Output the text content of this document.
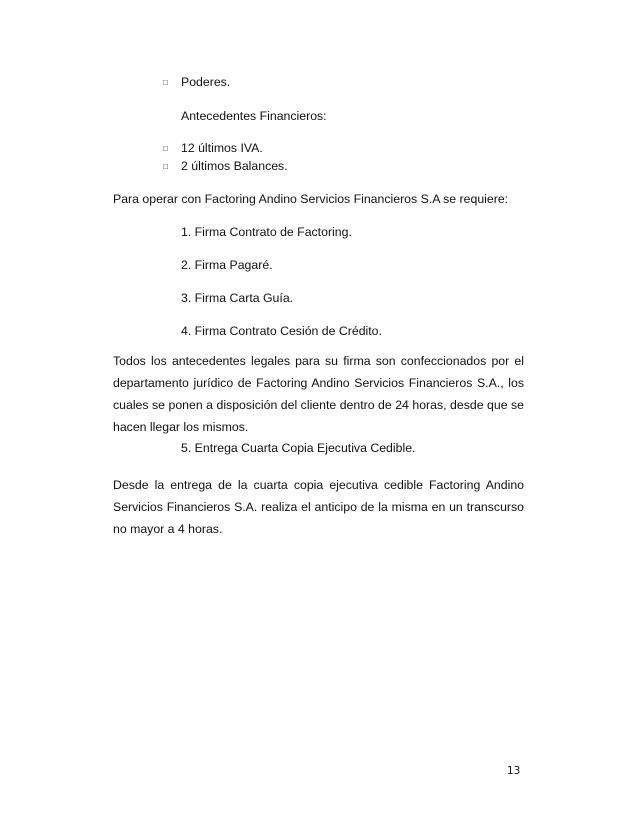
□ Poderes.
Antecedentes Financieros:
□ 12 últimos IVA.
□ 2 últimos Balances.
Para operar con Factoring Andino Servicios Financieros S.A se requiere:
1. Firma Contrato de Factoring.
2. Firma Pagaré.
3. Firma Carta Guía.
4. Firma Contrato Cesión de Crédito.
Todos los antecedentes legales para su firma son confeccionados por el departamento jurídico de Factoring Andino Servicios Financieros S.A., los cuales se ponen a disposición del cliente dentro de 24 horas, desde que se hacen llegar los mismos.
5. Entrega Cuarta Copia Ejecutiva Cedible.
Desde la entrega de la cuarta copia ejecutiva cedible Factoring Andino Servicios Financieros S.A. realiza el anticipo de la misma en un transcurso no mayor a 4 horas.
13
